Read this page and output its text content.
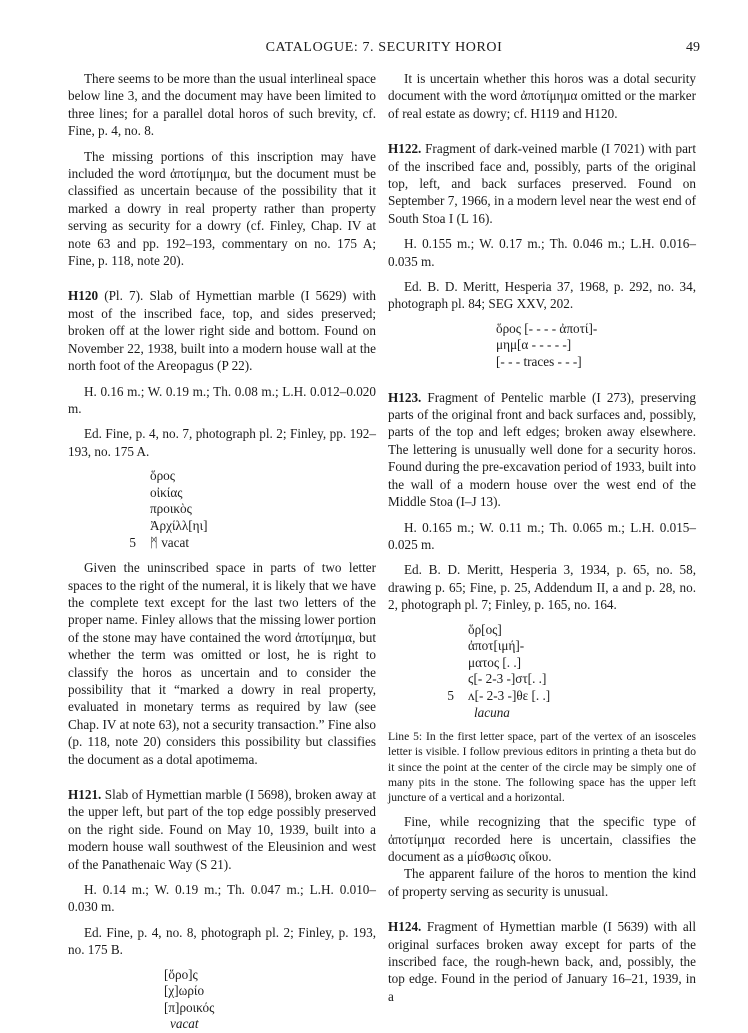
CATALOGUE: 7. SECURITY HOROI	49

There seems to be more than the usual interlineal space below line 3, and the document may have been limited to three lines; for a parallel dotal horos of such brevity, cf. Fine, p. 4, no. 8.

The missing portions of this inscription may have included the word ἀποτίμημα, but the document must be classified as uncertain because of the possibility that it marked a dowry in real property rather than property serving as security for a dowry (cf. Finley, Chap. IV at note 63 and pp. 192–193, commentary on no. 175 A; Fine, p. 118, note 20).

H120 (Pl. 7). Slab of Hymettian marble (I 5629) with most of the inscribed face, top, and sides preserved; broken off at the lower right side and bottom. Found on November 22, 1938, built into a modern house wall at the north foot of the Areopagus (P 22).

H. 0.16 m.; W. 0.19 m.; Th. 0.08 m.; L.H. 0.012–0.020 m.

Ed. Fine, p. 4, no. 7, photograph pl. 2; Finley, pp. 192–193, no. 175 A.

ὅρος
οἰκίας
προικὸς
Ἀρχίλλ[ηι]
5 ᛗ vacat

Given the uninscribed space in parts of two letter spaces to the right of the numeral, it is likely that we have the complete text except for the last two letters of the proper name. Finley allows that the missing lower portion of the stone may have contained the word ἀποτίμημα, but whether the term was omitted or lost, he is right to classify the horos as uncertain and to consider the possibility that it “marked a dowry in real property, evaluated in monetary terms as required by law (see Chap. IV at note 63), not a security transaction.” Fine also (p. 118, note 20) considers this possibility but classifies the document as a dotal apotimema.

H121. Slab of Hymettian marble (I 5698), broken away at the upper left, but part of the top edge possibly preserved on the right side. Found on May 10, 1939, built into a modern house wall southwest of the Eleusinion and west of the Panathenaic Way (S 21).

H. 0.14 m.; W. 0.19 m.; Th. 0.047 m.; L.H. 0.010–0.030 m.

Ed. Fine, p. 4, no. 8, photograph pl. 2; Finley, p. 193, no. 175 B.

[ὅρο]ς
[χ]ωρίο
[π]ροικός
vacat

It is uncertain whether this horos was a dotal security document with the word ἀποτίμημα omitted or the marker of real estate as dowry; cf. H119 and H120.

H122. Fragment of dark-veined marble (I 7021) with part of the inscribed face and, possibly, parts of the original top, left, and back surfaces preserved. Found on September 7, 1966, in a modern level near the west end of South Stoa I (L 16).

H. 0.155 m.; W. 0.17 m.; Th. 0.046 m.; L.H. 0.016–0.035 m.

Ed. B. D. Meritt, Hesperia 37, 1968, p. 292, no. 34, photograph pl. 84; SEG XXV, 202.

ὅρος [- - - - ἀποτί]-
μημ[α - - - - -]
[- - - traces - - -]

H123. Fragment of Pentelic marble (I 273), preserving parts of the original front and back surfaces and, possibly, parts of the top and left edges; broken away elsewhere. The lettering is unusually well done for a security horos. Found during the pre-excavation period of 1933, built into the wall of a modern house over the west end of the Middle Stoa (I–J 13).

H. 0.165 m.; W. 0.11 m.; Th. 0.065 m.; L.H. 0.015–0.025 m.

Ed. B. D. Meritt, Hesperia 3, 1934, p. 65, no. 58, drawing p. 65; Fine, p. 25, Addendum II, a and p. 28, no. 2, photograph pl. 7; Finley, p. 165, no. 164.

ὅρ[ος]
ἀποτ[ιμή]-
ματος [. .]
ϛ[- 2-3 -]στ[. .]
5 ʌ[- 2-3 -]θε [. .]
lacuna

Line 5: In the first letter space, part of the vertex of an isosceles letter is visible. I follow previous editors in printing a theta but do it since the point at the center of the circle may be simply one of many pits in the stone. The following space has the upper left juncture of a vertical and a horizontal.

Fine, while recognizing that the specific type of ἀποτίμημα recorded here is uncertain, classifies the document as a μίσθωσις οἴκου.

The apparent failure of the horos to mention the kind of property serving as security is unusual.

H124. Fragment of Hymettian marble (I 5639) with all original surfaces broken away except for parts of the inscribed face, the rough-hewn back, and, possibly, the top edge. Found in the period of January 16–21, 1939, in a
